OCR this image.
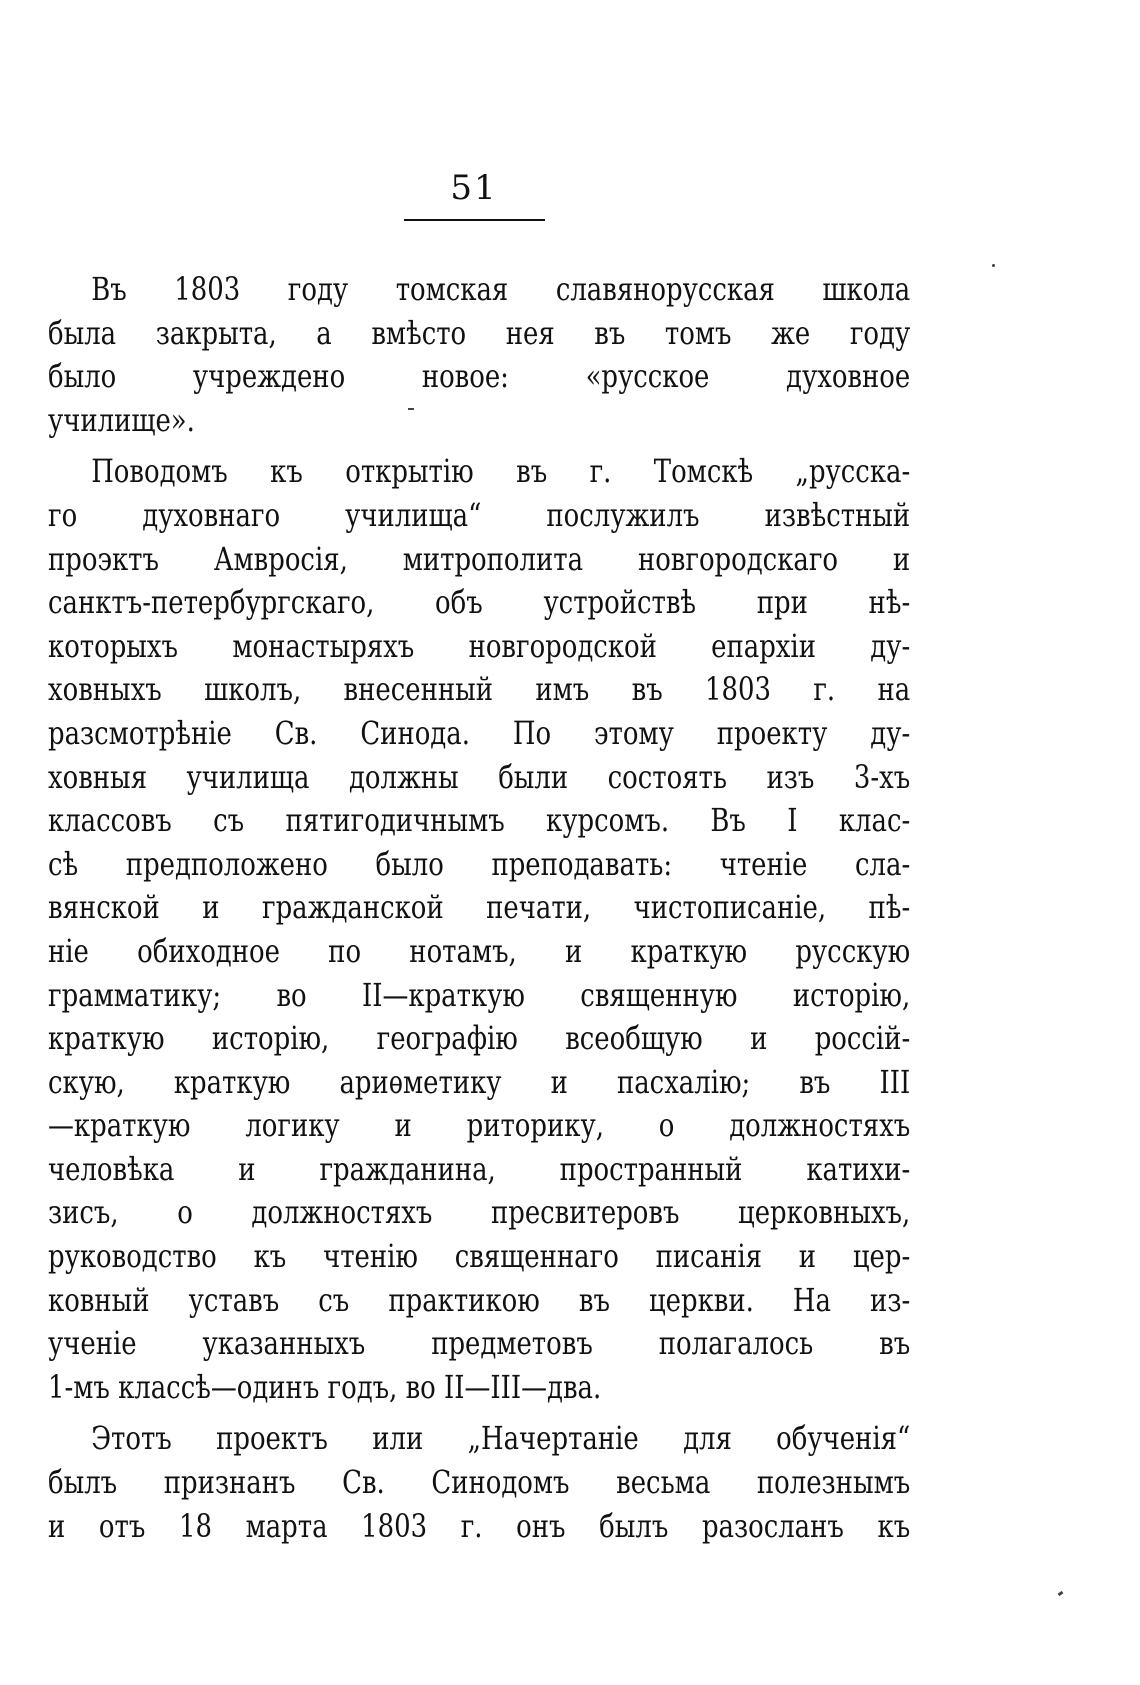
51
Въ 1803 году томская славянорусская школа
была закрыта, а вмѣсто нея въ томъ же году
было учреждено новое: «русское духовное
училище».
Поводомъ къ открытiю въ г. Томскѣ „русска-
го духовнаго училища“ послужилъ извѣстный
проэктъ Амвросiя, митрополита новгородскаго и
санктъ-петербургскаго, объ устройствѣ при нѣ-
которыхъ монастыряхъ новгородской епархiи ду-
ховныхъ школъ, внесенный имъ въ 1803 г. на
разсмотрѣнiе Св. Синода. По этому проекту ду-
ховныя училища должны были состоять изъ 3-хъ
классовъ съ пятигодичнымъ курсомъ. Въ I клас-
сѣ предположено было преподавать: чтенiе сла-
вянской и гражданской печати, чистописанiе, пѣ-
нiе обиходное по нотамъ, и краткую русскую
грамматику; во II—краткую священную исторiю,
краткую исторiю, географiю всеобщую и россiй-
скую, краткую ариѳметику и пасхалiю; въ III
—краткую логику и риторику, о должностяхъ
человѣка и гражданина, пространный катихи-
зисъ, о должностяхъ пресвитеровъ церковныхъ,
руководство къ чтенiю священнаго писанiя и цер-
ковный уставъ съ практикою въ церкви. На из-
ученiе указанныхъ предметовъ полагалось въ
1-мъ классѣ—одинъ годъ, во II—III—два.
Этотъ проектъ или „Начертанiе для обученiя“
былъ признанъ Св. Синодомъ весьма полезнымъ
и отъ 18 марта 1803 г. онъ былъ разосланъ къ
